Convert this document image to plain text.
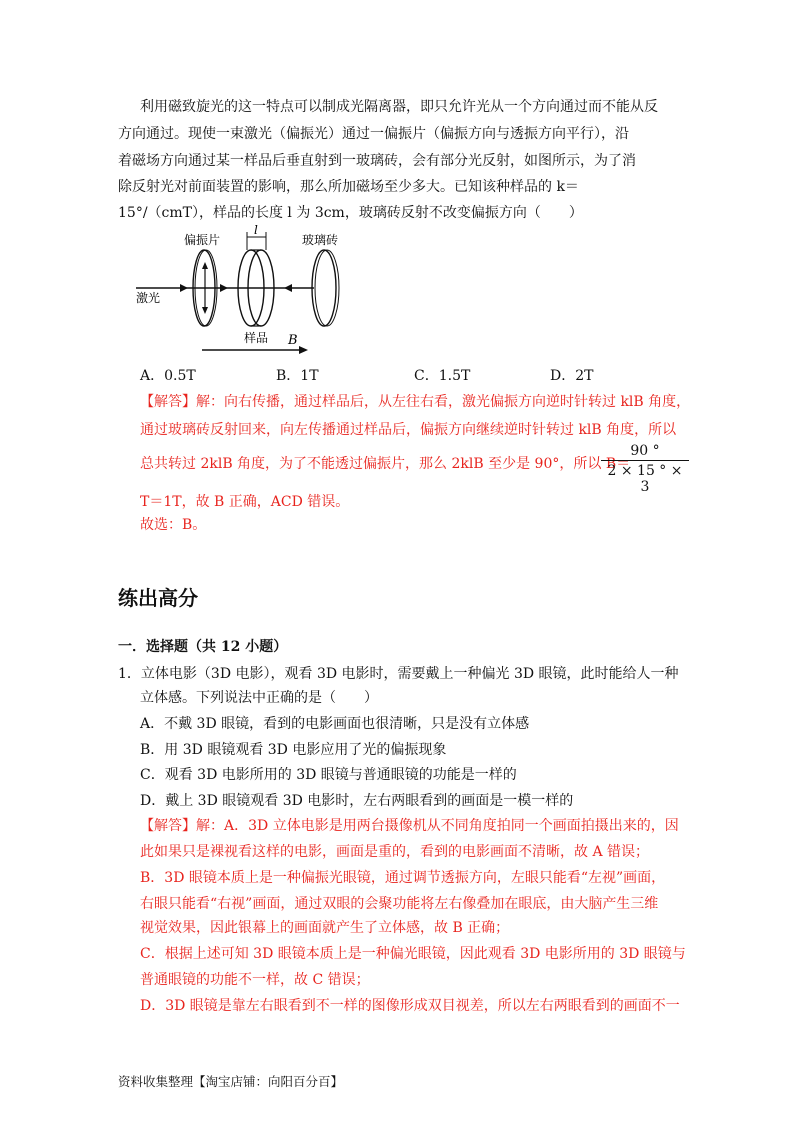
利用磁致旋光的这一特点可以制成光隔离器，即只允许光从一个方向通过而不能从反
方向通过。现使一束激光（偏振光）通过一偏振片（偏振方向与透振方向平行），沿
着磁场方向通过某一样品后垂直射到一玻璃砖，会有部分光反射，如图所示，为了消
除反射光对前面装置的影响，那么所加磁场至少多大。已知该种样品的 k＝
15°/（cmT），样品的长度 l 为 3cm，玻璃砖反射不改变偏振方向（　　）
l
偏振片	玻璃砖
激光
样品 B
A．0.5T	B．1T	C．1.5T	D．2T
【解答】解：向右传播，通过样品后，从左往右看，激光偏振方向逆时针转过 klB 角度，
通过玻璃砖反射回来，向左传播通过样品后，偏振方向继续逆时针转过 klB 角度，所以
总共转过 2klB 角度，为了不能透过偏振片，那么 2klB 至少是 90°，所以 B＝
$\frac{90 ^\circ}{2 \times 15 ^\circ \times 3}$
T＝1T，故 B 正确，ACD 错误。
故选：B。
练出高分
一．选择题（共 12 小题）
1．立体电影（3D 电影），观看 3D 电影时，需要戴上一种偏光 3D 眼镜，此时能给人一种
立体感。下列说法中正确的是（　　）
A．不戴 3D 眼镜，看到的电影画面也很清晰，只是没有立体感
B．用 3D 眼镜观看 3D 电影应用了光的偏振现象
C．观看 3D 电影所用的 3D 眼镜与普通眼镜的功能是一样的
D．戴上 3D 眼镜观看 3D 电影时，左右两眼看到的画面是一模一样的
【解答】解：A．3D 立体电影是用两台摄像机从不同角度拍同一个画面拍摄出来的，因
此如果只是裸视看这样的电影，画面是重的，看到的电影画面不清晰，故 A 错误；
B．3D 眼镜本质上是一种偏振光眼镜，通过调节透振方向，左眼只能看“左视”画面，
右眼只能看“右视”画面，通过双眼的会聚功能将左右像叠加在眼底，由大脑产生三维
视觉效果，因此银幕上的画面就产生了立体感，故 B 正确；
C．根据上述可知 3D 眼镜本质上是一种偏光眼镜，因此观看 3D 电影所用的 3D 眼镜与
普通眼镜的功能不一样，故 C 错误；
D．3D 眼镜是靠左右眼看到不一样的图像形成双目视差，所以左右两眼看到的画面不一
资料收集整理【淘宝店铺：向阳百分百】
